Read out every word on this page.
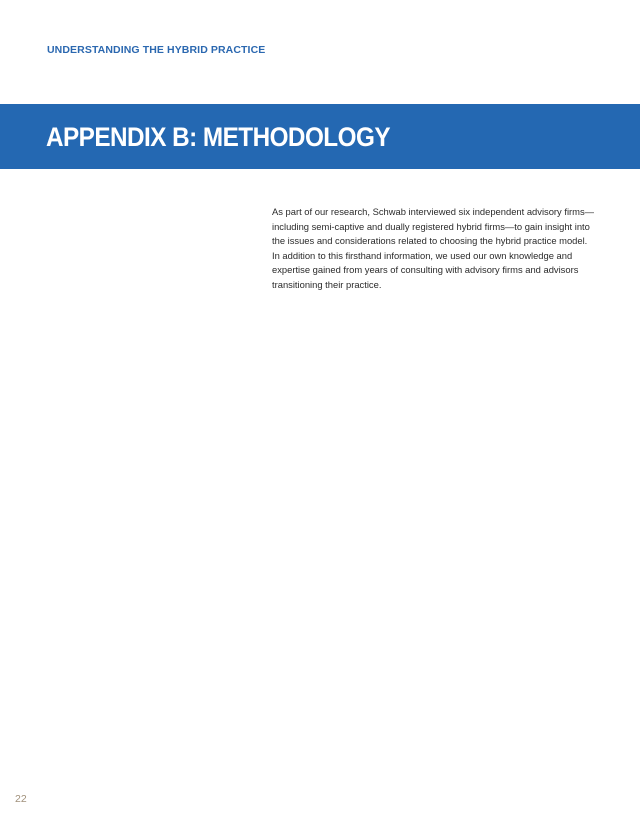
UNDERSTANDING THE HYBRID PRACTICE
APPENDIX B: METHODOLOGY

As part of our research, Schwab interviewed six independent advisory firms—including semi-captive and dually registered hybrid firms—to gain insight into the issues and considerations related to choosing the hybrid practice model. In addition to this firsthand information, we used our own knowledge and expertise gained from years of consulting with advisory firms and advisors transitioning their practice.

22
